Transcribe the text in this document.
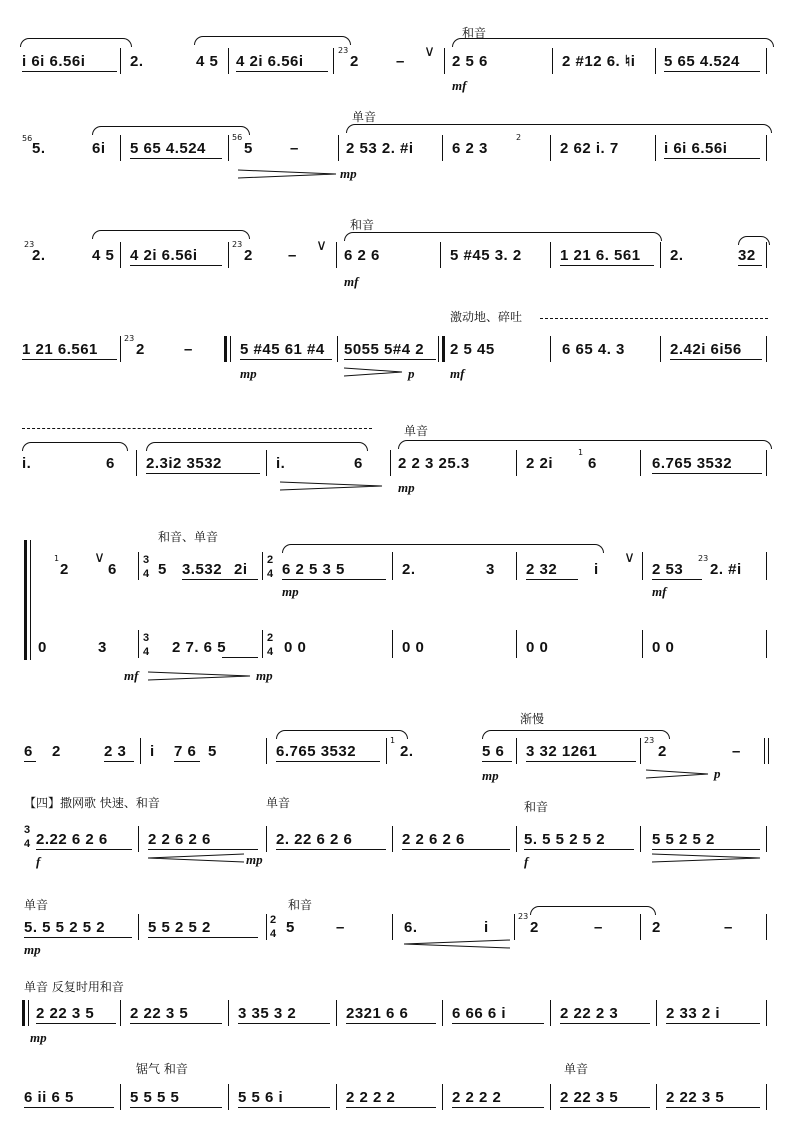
i 6i 6.56i	2.	4 5 4 2i 6.56i
23
2 –
∨
和音
2 5 6
mf
2 #12 6. ♮i 5 65 4.524
56
5.	6i 5 65 4.524
56
5 –
单音
2 53 2. #i	6 2 3
2
2 62 i. 7	i 6i 6.56i
mp
23
2.	4 5 4 2i 6.56i
23
2 –
∨
和音
6 2 6
mf
5 #45 3. 2	1 21 6. 561 2.	32
1 21 6.561
23
2	–	5 #45 61 #4
mp
5055 5#4 2
p
激动地、碎吐
2 5 45
mf
6 65 4. 3	2.42i 6i56
i.	6 2.3i2 3532	i.	6
单音
2 2 3 25.3
mp
2 2i
1
6	6.765 3532
和音、单音
1
2
∨
6
3
4 5 3.532 2i
2
4 6 2 5 3 5
mp
2.	3 2 32 i
∨
2 53
mf
23
2. #i
0	3
3
4 2 7. 6 5
2
4 0 0	0 0	0 0	0 0
mf	mp
6 2	2 3 i 7 6 5	6.765 3532
1
2.
渐慢
5 6
mp
3 32 1261
23
2	–
p
【四】撒网歌 快速、和音	单音	和音
3
4 2.22 6 2 6
f
2 2 6 2 6
mp
2. 22 6 2 6	2 2 6 2 6	5. 5 5 2 5 2
f
5 5 2 5 2
单音	和音
5. 5 5 2 5 2
mp
5 5 2 5 2	2
4 5	–	6.	i
23
2	–	2	–
单音 反复时用和音
2 22 3 5
mp
2 22 3 5	3 35 3 2	2321 6 6	6 66 6 i	2 22 2 3	2 33 2 i
锯气 和音	单音
6 ii 6 5	5 5 5 5	5 5 6 i	2 2 2 2	2 2 2 2	2 22 3 5	2 22 3 5
